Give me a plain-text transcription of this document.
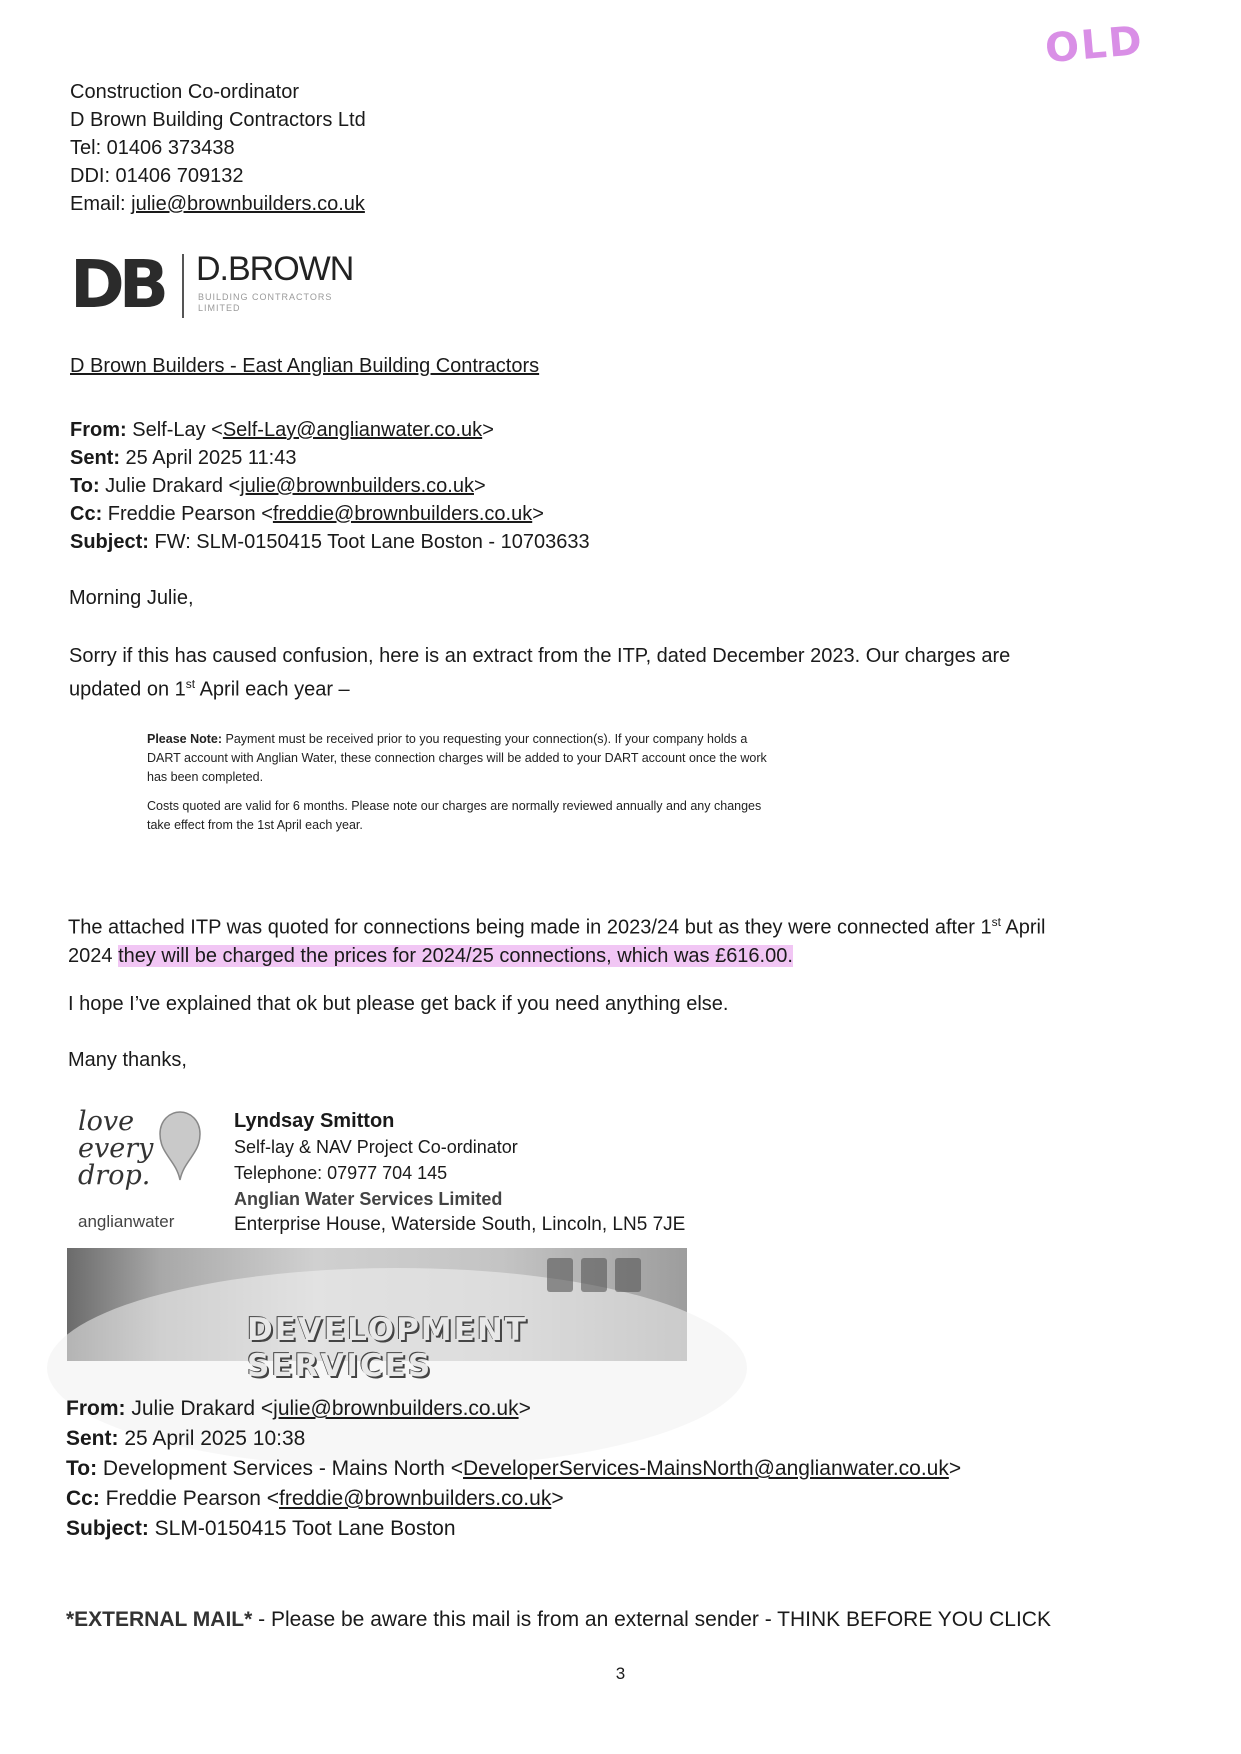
OLD
Construction Co-ordinator
D Brown Building Contractors Ltd
Tel: 01406 373438
DDI: 01406 709132
Email: julie@brownbuilders.co.uk
DB D.BROWN
BUILDING CONTRACTORS LIMITED
D Brown Builders - East Anglian Building Contractors
From: Self-Lay <Self-Lay@anglianwater.co.uk>
Sent: 25 April 2025 11:43
To: Julie Drakard <julie@brownbuilders.co.uk>
Cc: Freddie Pearson <freddie@brownbuilders.co.uk>
Subject: FW: SLM-0150415 Toot Lane Boston - 10703633
Morning Julie,
Sorry if this has caused confusion, here is an extract from the ITP, dated December 2023. Our charges are
updated on 1st April each year –

Please Note: Payment must be received prior to you requesting your connection(s). If your company holds a DART account with Anglian Water, these connection charges will be added to your DART account once the work has been completed.

Costs quoted are valid for 6 months. Please note our charges are normally reviewed annually and any changes take effect from the 1st April each year.

The attached ITP was quoted for connections being made in 2023/24 but as they were connected after 1st April
2024 they will be charged the prices for 2024/25 connections, which was £616.00.
I hope I’ve explained that ok but please get back if you need anything else.
Many thanks,
love
every
drop.
anglianwater
Lyndsay Smitton
Self-lay & NAV Project Co-ordinator
Telephone: 07977 704 145
Anglian Water Services Limited
Enterprise House, Waterside South, Lincoln, LN5 7JE
DEVELOPMENT SERVICES
From: Julie Drakard <julie@brownbuilders.co.uk>
Sent: 25 April 2025 10:38
To: Development Services - Mains North <DeveloperServices-MainsNorth@anglianwater.co.uk>
Cc: Freddie Pearson <freddie@brownbuilders.co.uk>
Subject: SLM-0150415 Toot Lane Boston
*EXTERNAL MAIL* - Please be aware this mail is from an external sender - THINK BEFORE YOU CLICK
3
